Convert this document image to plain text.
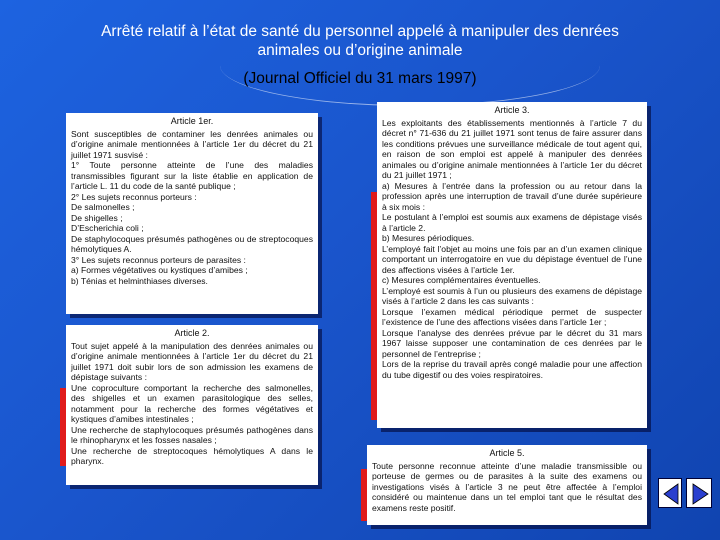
Arrêté relatif à l’état de santé du personnel appelé à manipuler des denrées
animales ou d’origine animale
(Journal Officiel du 31 mars 1997)
Article 1er.

Sont susceptibles de contaminer les denrées animales ou d’origine animale mentionnées à l’article 1er du décret du 21 juillet 1971 susvisé :
1° Toute personne atteinte de l’une des maladies transmissibles figurant sur la liste établie en application de l’article L. 11 du code de la santé publique ;
2° Les sujets reconnus porteurs :
De salmonelles ;
De shigelles ;
D’Escherichia coli ;
De staphylocoques présumés pathogènes ou de streptocoques hémolytiques A.
3° Les sujets reconnus porteurs de parasites :
a) Formes végétatives ou kystiques d’amibes ;
b) Ténias et helminthiases diverses.

Article 2.

Tout sujet appelé à la manipulation des denrées animales ou d’origine animale mentionnées à l’article 1er du décret du 21 juillet 1971 doit subir lors de son admission les examens de dépistage suivants :
Une coproculture comportant la recherche des salmonelles, des shigelles et un examen parasitologique des selles, notamment pour la recherche des formes végétatives et kystiques d’amibes intestinales ;
Une recherche de staphylocoques présumés pathogènes dans le rhinopharynx et les fosses nasales ;
Une recherche de streptocoques hémolytiques A dans le pharynx.

Article 3.

Les exploitants des établissements mentionnés à l’article 7 du décret n° 71-636 du 21 juillet 1971 sont tenus de faire assurer dans les conditions prévues une surveillance médicale de tout agent qui, en raison de son emploi est appelé à manipuler des denrées animales ou d’origine animale mentionnées à l’article 1er du décret du 21 juillet 1971 ;
a) Mesures à l’entrée dans la profession ou au retour dans la profession après une interruption de travail d’une durée supérieure à six mois :
Le postulant à l’emploi est soumis aux examens de dépistage visés à l’article 2.
b) Mesures périodiques.
L’employé fait l’objet au moins une fois par an d’un examen clinique comportant un interrogatoire en vue du dépistage éventuel de l’une des affections visées à l’article 1er.
c) Mesures complémentaires éventuelles.
L’employé est soumis à l’un ou plusieurs des examens de dépistage visés à l’article 2 dans les cas suivants :
Lorsque l’examen médical périodique permet de suspecter l’existence de l’une des affections visées dans l’article 1er ;
Lorsque l’analyse des denrées prévue par le décret du 31 mars 1967 laisse supposer une contamination de ces denrées par le personnel de l’entreprise ;
Lors de la reprise du travail après congé maladie pour une affection du tube digestif ou des voies respiratoires.

Article 5.

Toute personne reconnue atteinte d’une maladie transmissible ou porteuse de germes ou de parasites à la suite des examens ou investigations visés à l’article 3 ne peut être affectée à l’emploi considéré ou maintenue dans un tel emploi tant que le résultat des examens reste positif.
